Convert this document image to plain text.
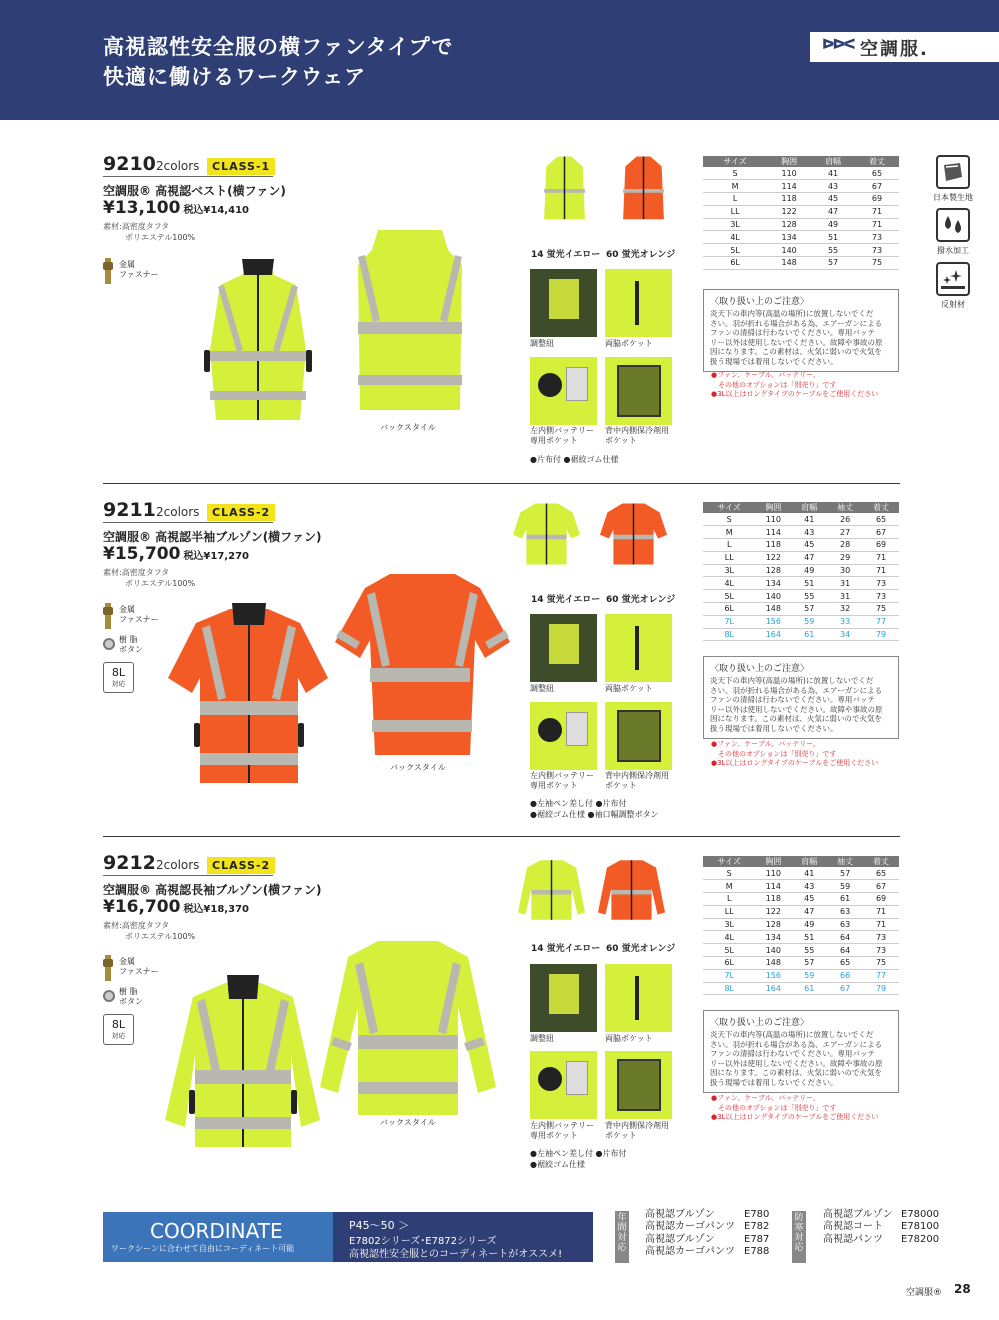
高視認性安全服の横ファンタイプで
快適に働けるワークウェア
ᐅᐅᐸ 空調服.
日本製生地
撥水加工
反射材
9210 2colors	CLASS-1
空調服® 高視認ベスト(横ファン)
¥13,100 税込¥14,410
素材:高密度タフタ
ポリエステル100%
金属
ファスナー
バックスタイル
14 蛍光イエロー 60 蛍光オレンジ
調整紐	両脇ポケット
左内側バッテリー
専用ポケット
背中内側保冷剤用
ポケット
●片布付 ●裾絞ゴム仕様
サイズ	胸囲	肩幅	着丈
S	110	41	65
M	114	43	67
L	118	45	69
LL	122	47	71
3L	128	49	71
4L	134	51	73
5L	140	55	73
6L	148	57	75
〈取り扱い上のご注意〉
炎天下の車内等(高温の場所)に放置しないでくだ
さい。羽が折れる場合がある為、エアーガンによる
ファンの清掃は行わないでください。専用バッテ
リー以外は使用しないでください。故障や事故の原
因になります。この素材は、火気に弱いので火気を
扱う現場では着用しないでください。
●ファン、ケーブル、バッテリー、
　その他のオプションは「別売り」です
●3L以上はロングタイプのケーブルをご使用ください
9211 2colors	CLASS-2
空調服® 高視認半袖ブルゾン(横ファン)
¥15,700 税込¥17,270
素材:高密度タフタ
ポリエステル100%
金属
ファスナー
樹 脂
ボタン
8L
対応
バックスタイル
14 蛍光イエロー 60 蛍光オレンジ
調整紐	両脇ポケット
左内側バッテリー
専用ポケット
背中内側保冷剤用
ポケット
●左袖ペン差し付 ●片布付
●裾絞ゴム仕様 ●袖口幅調整ボタン
サイズ	胸囲	肩幅	袖丈	着丈
S	110	41	26	65
M	114	43	27	67
L	118	45	28	69
LL	122	47	29	71
3L	128	49	30	71
4L	134	51	31	73
5L	140	55	31	73
6L	148	57	32	75
7L	156	59	33	77
8L	164	61	34	79
〈取り扱い上のご注意〉
炎天下の車内等(高温の場所)に放置しないでくだ
さい。羽が折れる場合がある為、エアーガンによる
ファンの清掃は行わないでください。専用バッテ
リー以外は使用しないでください。故障や事故の原
因になります。この素材は、火気に弱いので火気を
扱う現場では着用しないでください。
●ファン、ケーブル、バッテリー、
　その他のオプションは「別売り」です
●3L以上はロングタイプのケーブルをご使用ください
9212 2colors	CLASS-2
空調服® 高視認長袖ブルゾン(横ファン)
¥16,700 税込¥18,370
素材:高密度タフタ
ポリエステル100%
金属
ファスナー
樹 脂
ボタン
8L
対応
バックスタイル
14 蛍光イエロー 60 蛍光オレンジ
調整紐	両脇ポケット
左内側バッテリー
専用ポケット
背中内側保冷剤用
ポケット
●左袖ペン差し付 ●片布付
●裾絞ゴム仕様
サイズ	胸囲	肩幅	袖丈	着丈
S	110	41	57	65
M	114	43	59	67
L	118	45	61	69
LL	122	47	63	71
3L	128	49	63	71
4L	134	51	64	73
5L	140	55	64	73
6L	148	57	65	75
7L	156	59	66	77
8L	164	61	67	79
〈取り扱い上のご注意〉
炎天下の車内等(高温の場所)に放置しないでくだ
さい。羽が折れる場合がある為、エアーガンによる
ファンの清掃は行わないでください。専用バッテ
リー以外は使用しないでください。故障や事故の原
因になります。この素材は、火気に弱いので火気を
扱う現場では着用しないでください。
●ファン、ケーブル、バッテリー、
　その他のオプションは「別売り」です
●3L以上はロングタイプのケーブルをご使用ください
COORDINATE
ワークシーンに合わせて自由にコーディネート可能
P45〜50 ＞
E7802シリーズ･E7872シリーズ
高視認性安全服とのコーディネートがオススメ!
年間対応
高視認ブルゾン	E780
高視認カーゴパンツ E782
高視認ブルゾン	E787
高視認カーゴパンツ E788
防寒対応
高視認ブルゾン E78000
高視認コート E78100
高視認パンツ E78200
空調服® 28
